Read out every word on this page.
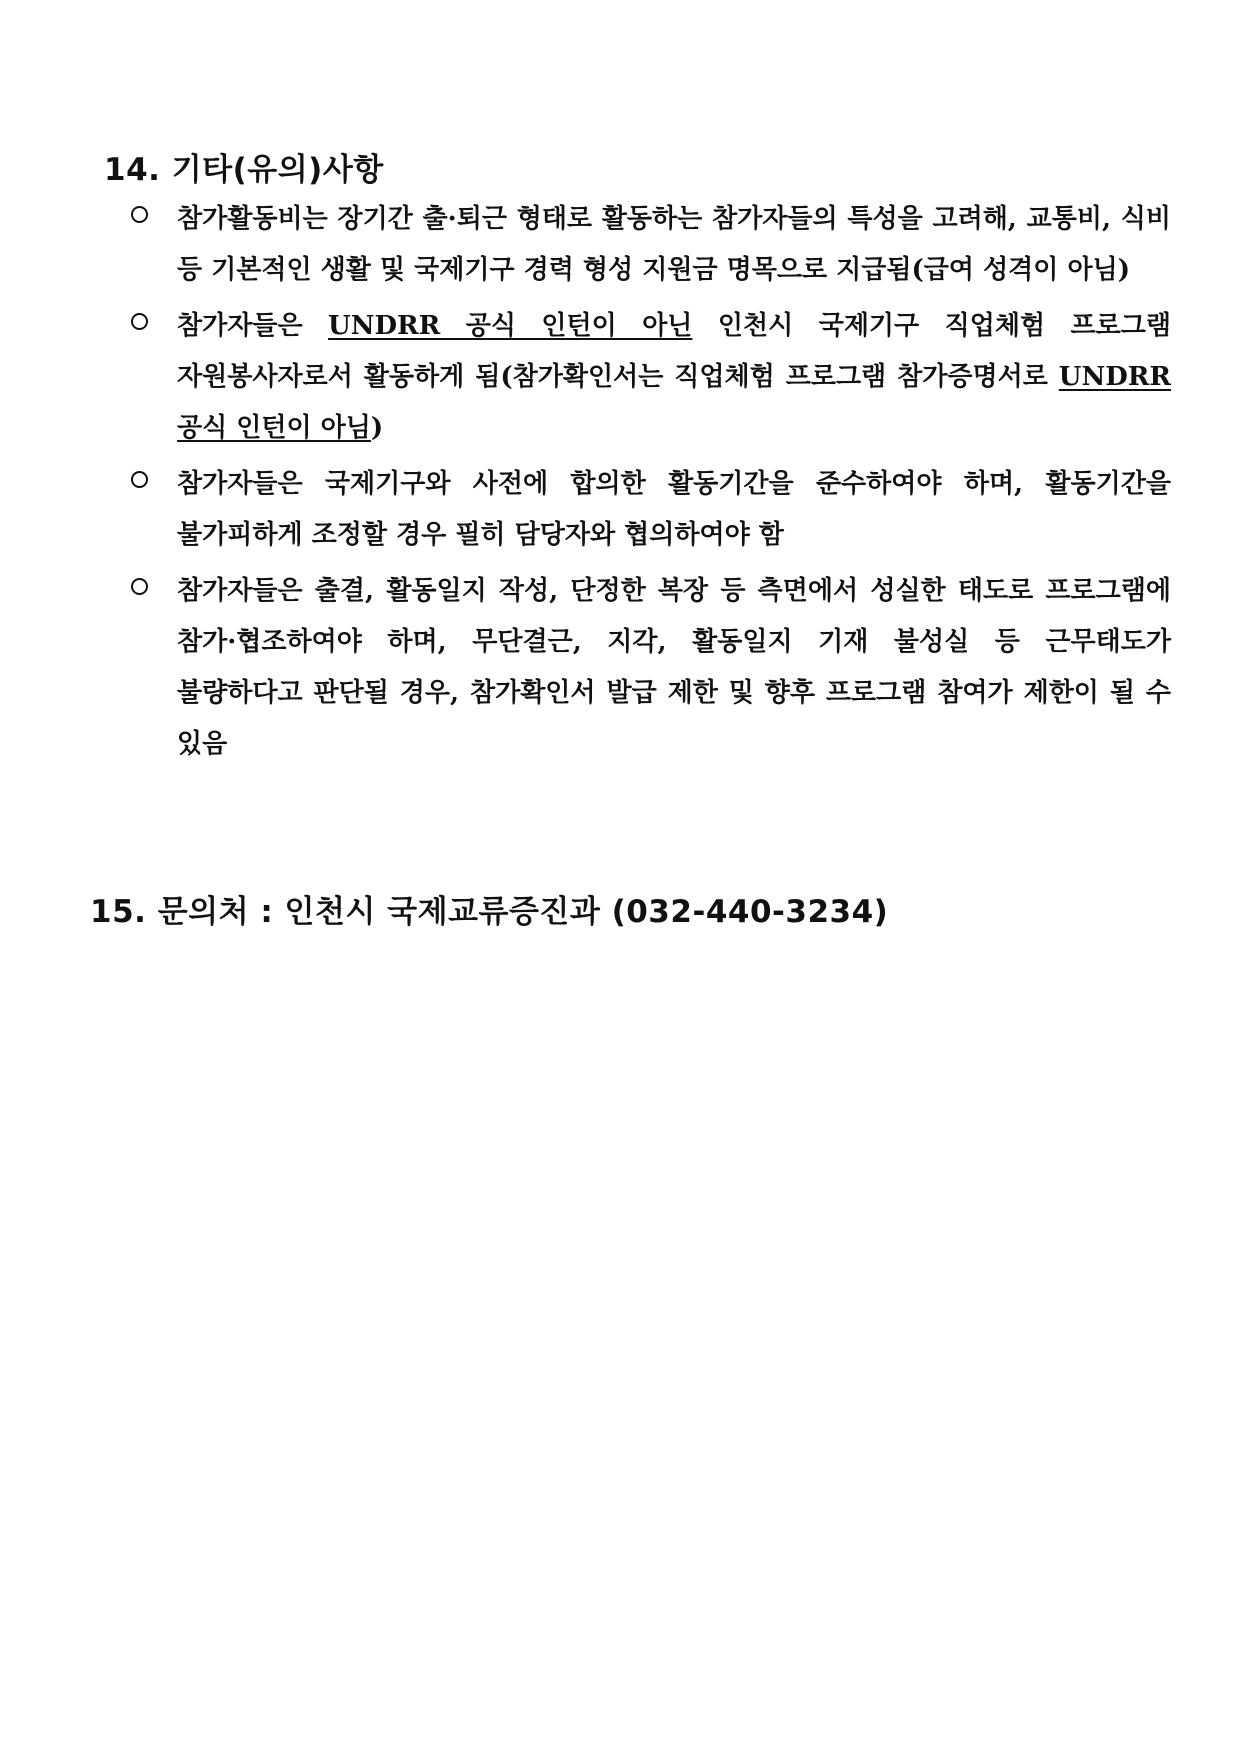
14. 기타(유의)사항
참가활동비는 장기간 출·퇴근 형태로 활동하는 참가자들의 특성을 고려해, 교통비, 식비 등 기본적인 생활 및 국제기구 경력 형성 지원금 명목으로 지급됨(급여 성격이 아님)
참가자들은 UNDRR 공식 인턴이 아닌 인천시 국제기구 직업체험 프로그램 자원봉사자로서 활동하게 됨(참가확인서는 직업체험 프로그램 참가증명서로 UNDRR 공식 인턴이 아님)
참가자들은 국제기구와 사전에 합의한 활동기간을 준수하여야 하며, 활동기간을 불가피하게 조정할 경우 필히 담당자와 협의하여야 함
참가자들은 출결, 활동일지 작성, 단정한 복장 등 측면에서 성실한 태도로 프로그램에 참가·협조하여야 하며, 무단결근, 지각, 활동일지 기재 불성실 등 근무태도가 불량하다고 판단될 경우, 참가확인서 발급 제한 및 향후 프로그램 참여가 제한이 될 수 있음
15. 문의처 : 인천시 국제교류증진과 (032-440-3234)
